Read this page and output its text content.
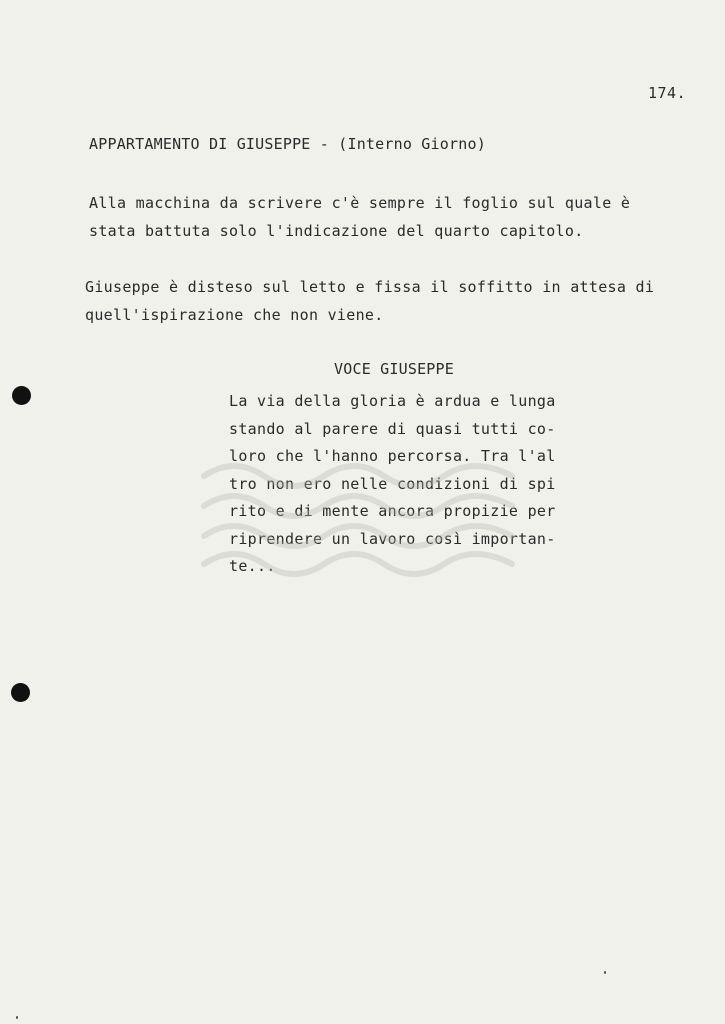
174.
APPARTAMENTO DI GIUSEPPE - (Interno Giorno)
Alla macchina da scrivere c'è sempre il foglio sul quale è
stata battuta solo l'indicazione del quarto capitolo.
Giuseppe è disteso sul letto e fissa il soffitto in attesa di
quell'ispirazione che non viene.
VOCE GIUSEPPE
La via della gloria è ardua e lunga
stando al parere di quasi tutti co-
loro che l'hanno percorsa. Tra l'al
tro non ero nelle condizioni di spi
rito e di mente ancora propizie per
riprendere un lavoro così importan-
te...
